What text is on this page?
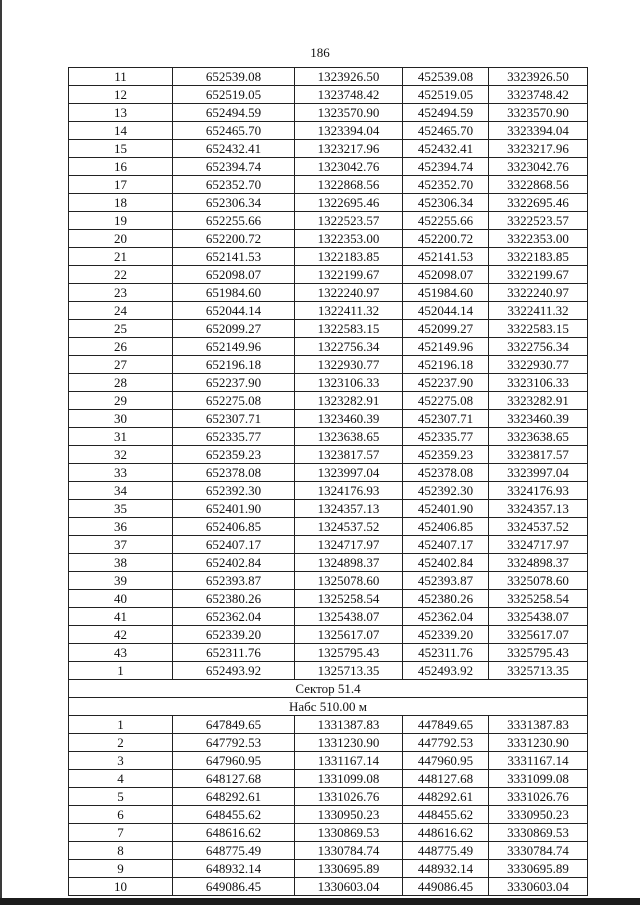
186
11	652539.08	1323926.50	452539.08	3323926.50
12	652519.05	1323748.42	452519.05	3323748.42
13	652494.59	1323570.90	452494.59	3323570.90
14	652465.70	1323394.04	452465.70	3323394.04
15	652432.41	1323217.96	452432.41	3323217.96
16	652394.74	1323042.76	452394.74	3323042.76
17	652352.70	1322868.56	452352.70	3322868.56
18	652306.34	1322695.46	452306.34	3322695.46
19	652255.66	1322523.57	452255.66	3322523.57
20	652200.72	1322353.00	452200.72	3322353.00
21	652141.53	1322183.85	452141.53	3322183.85
22	652098.07	1322199.67	452098.07	3322199.67
23	651984.60	1322240.97	451984.60	3322240.97
24	652044.14	1322411.32	452044.14	3322411.32
25	652099.27	1322583.15	452099.27	3322583.15
26	652149.96	1322756.34	452149.96	3322756.34
27	652196.18	1322930.77	452196.18	3322930.77
28	652237.90	1323106.33	452237.90	3323106.33
29	652275.08	1323282.91	452275.08	3323282.91
30	652307.71	1323460.39	452307.71	3323460.39
31	652335.77	1323638.65	452335.77	3323638.65
32	652359.23	1323817.57	452359.23	3323817.57
33	652378.08	1323997.04	452378.08	3323997.04
34	652392.30	1324176.93	452392.30	3324176.93
35	652401.90	1324357.13	452401.90	3324357.13
36	652406.85	1324537.52	452406.85	3324537.52
37	652407.17	1324717.97	452407.17	3324717.97
38	652402.84	1324898.37	452402.84	3324898.37
39	652393.87	1325078.60	452393.87	3325078.60
40	652380.26	1325258.54	452380.26	3325258.54
41	652362.04	1325438.07	452362.04	3325438.07
42	652339.20	1325617.07	452339.20	3325617.07
43	652311.76	1325795.43	452311.76	3325795.43
1	652493.92	1325713.35	452493.92	3325713.35
Сектор 51.4				
Набс 510.00 м				
1	647849.65	1331387.83	447849.65	3331387.83
2	647792.53	1331230.90	447792.53	3331230.90
3	647960.95	1331167.14	447960.95	3331167.14
4	648127.68	1331099.08	448127.68	3331099.08
5	648292.61	1331026.76	448292.61	3331026.76
6	648455.62	1330950.23	448455.62	3330950.23
7	648616.62	1330869.53	448616.62	3330869.53
8	648775.49	1330784.74	448775.49	3330784.74
9	648932.14	1330695.89	448932.14	3330695.89
10	649086.45	1330603.04	449086.45	3330603.04
